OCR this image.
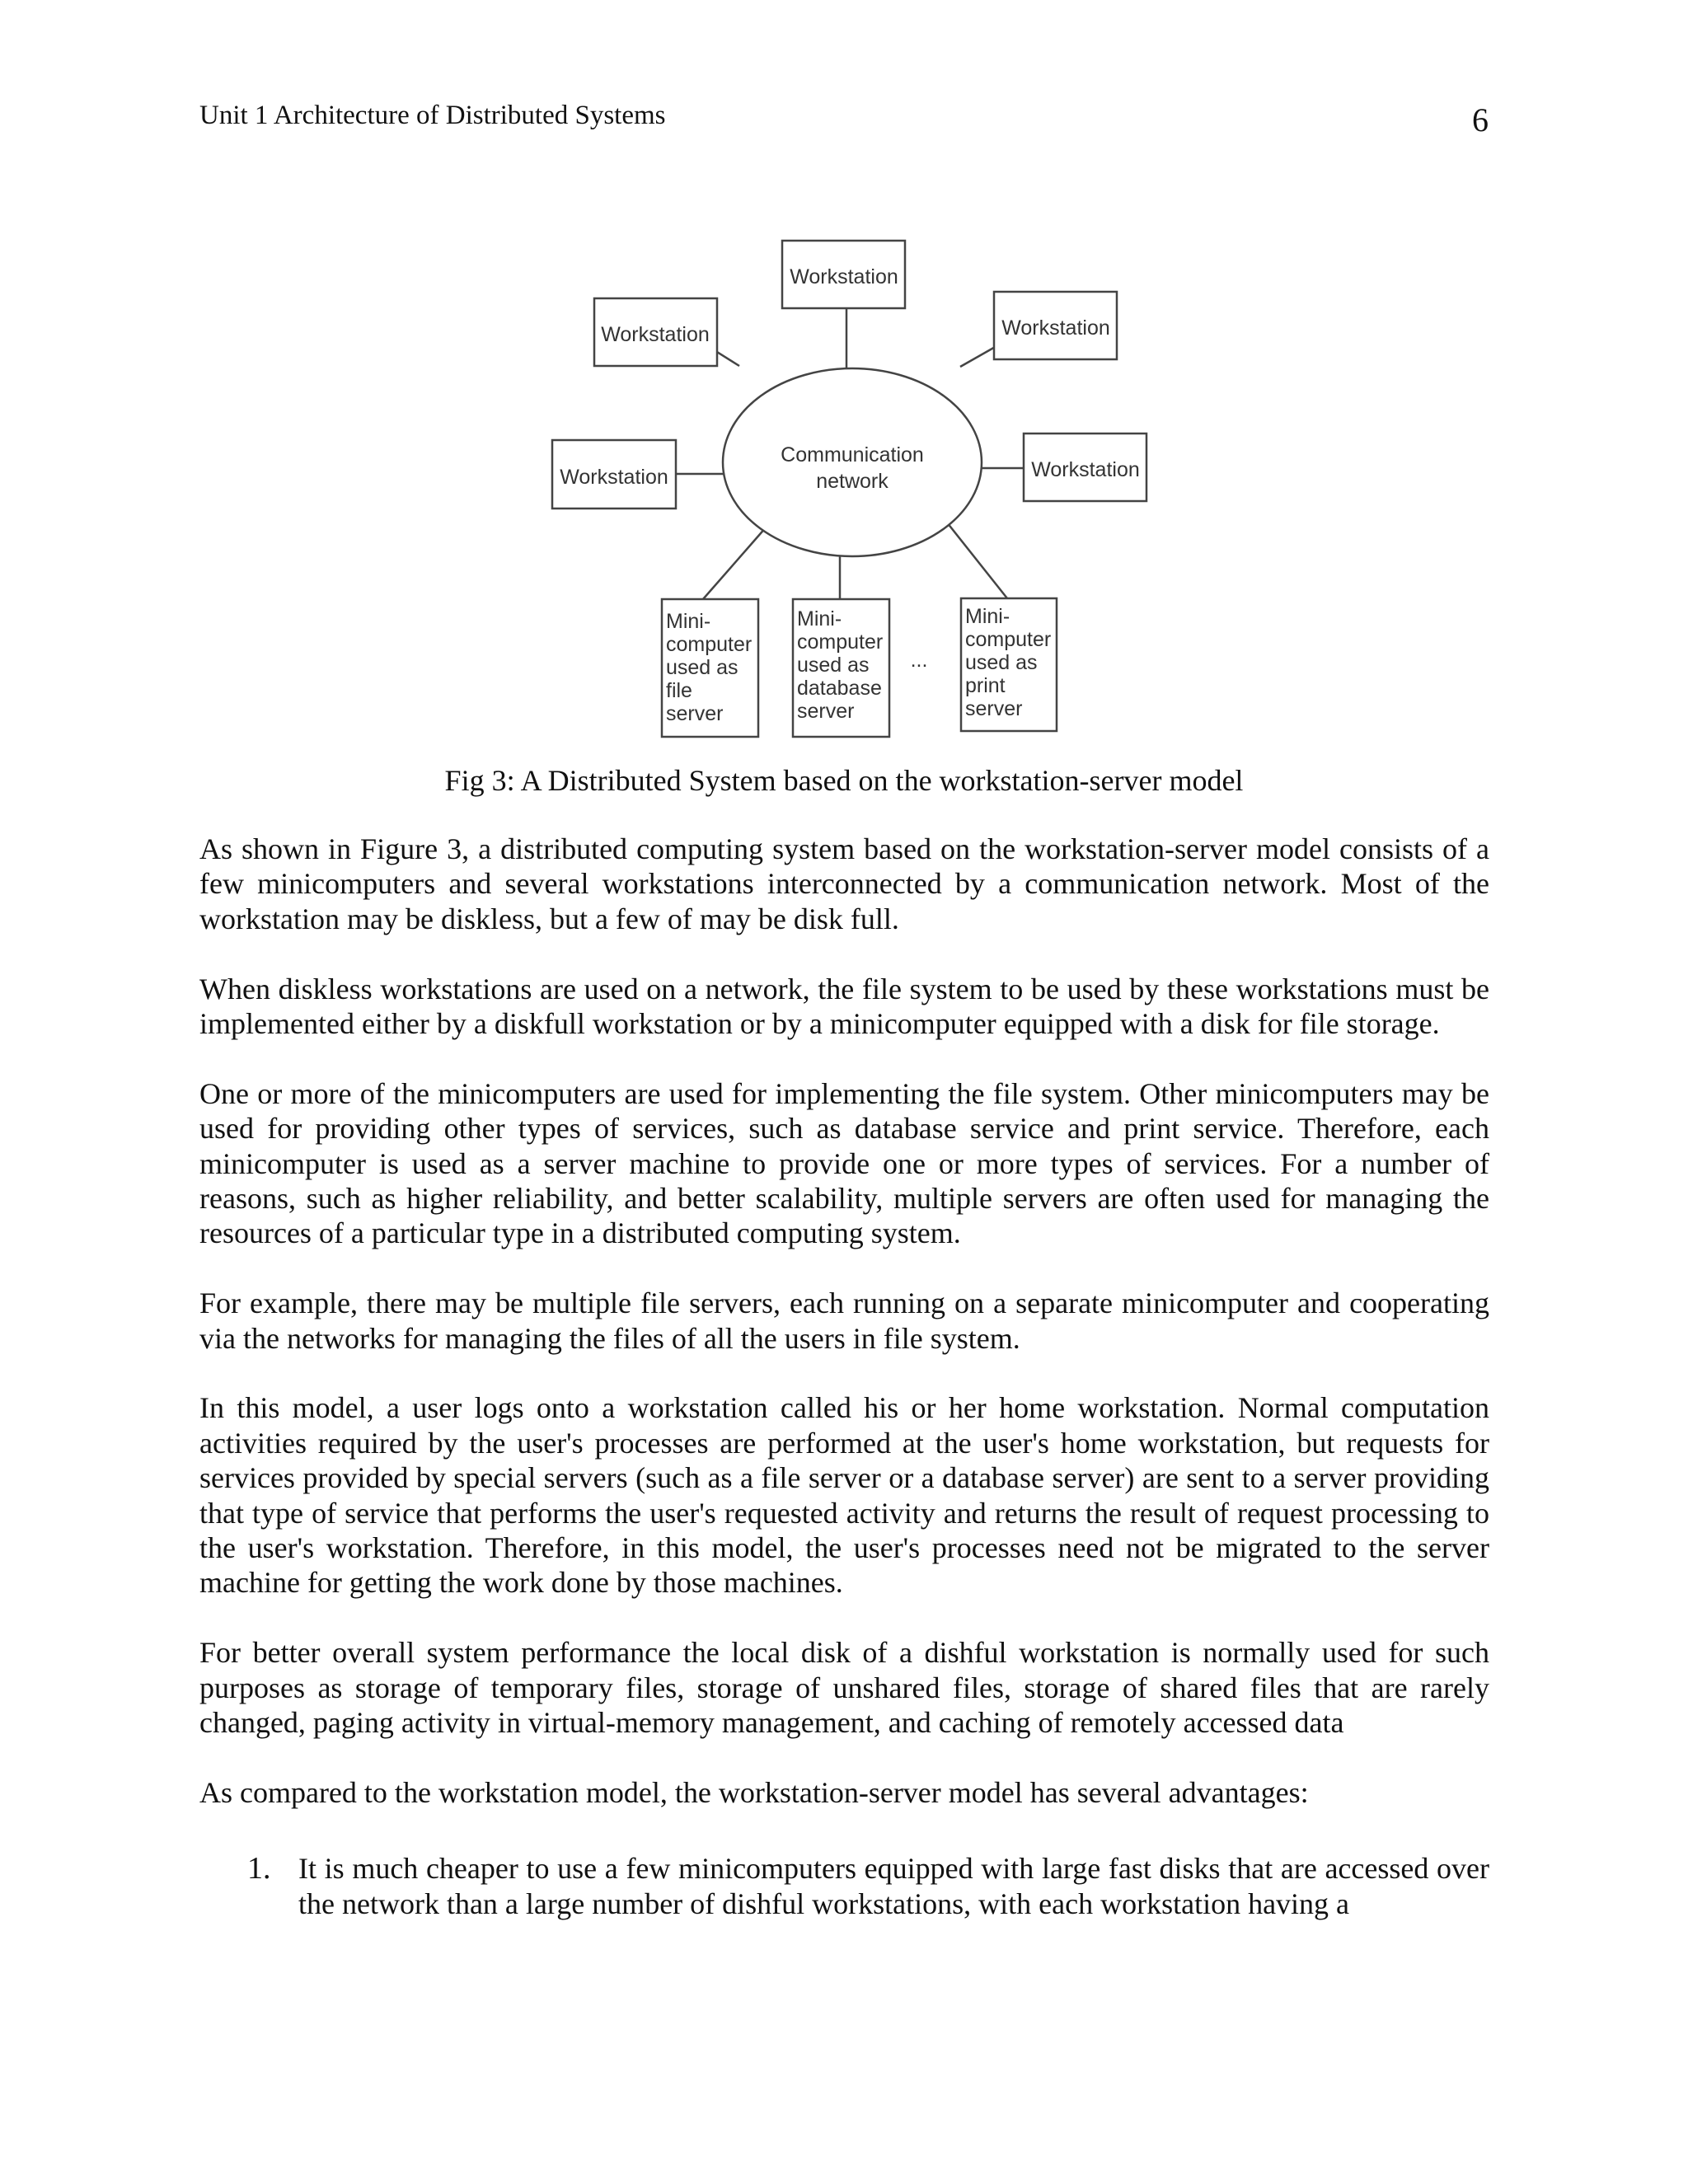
Unit 1 Architecture of Distributed Systems	6
Communication
network
Workstation
Workstation	Workstation
Workstation	Workstation
Mini-
computer
used as
file
server
Mini-
computer
used as
database
server
...
Mini-
computer
used as
print
server
Fig 3: A Distributed System based on the workstation-server model

As shown in Figure 3, a distributed computing system based on the workstation-server model consists of a few minicomputers and several workstations interconnected by a communication network. Most of the workstation may be diskless, but a few of may be disk full.

When diskless workstations are used on a network, the file system to be used by these workstations must be implemented either by a diskfull workstation or by a minicomputer equipped with a disk for file storage.

One or more of the minicomputers are used for implementing the file system. Other minicomputers may be used for providing other types of services, such as database service and print service. Therefore, each minicomputer is used as a server machine to provide one or more types of services. For a number of reasons, such as higher reliability, and better scalability, multiple servers are often used for managing the resources of a particular type in a distributed computing system.

For example, there may be multiple file servers, each running on a separate minicomputer and cooperating via the networks for managing the files of all the users in file system.

In this model, a user logs onto a workstation called his or her home workstation. Normal computation activities required by the user's processes are performed at the user's home workstation, but requests for services provided by special servers (such as a file server or a database server) are sent to a server providing that type of service that performs the user's requested activity and returns the result of request processing to the user's workstation. Therefore, in this model, the user's processes need not be migrated to the server machine for getting the work done by those machines.

For better overall system performance the local disk of a dishful workstation is normally used for such purposes as storage of temporary files, storage of unshared files, storage of shared files that are rarely changed, paging activity in virtual-memory management, and caching of remotely accessed data

As compared to the workstation model, the workstation-server model has several advantages:

1. It is much cheaper to use a few minicomputers equipped with large fast disks that are accessed over the network than a large number of dishful workstations, with each workstation having a
